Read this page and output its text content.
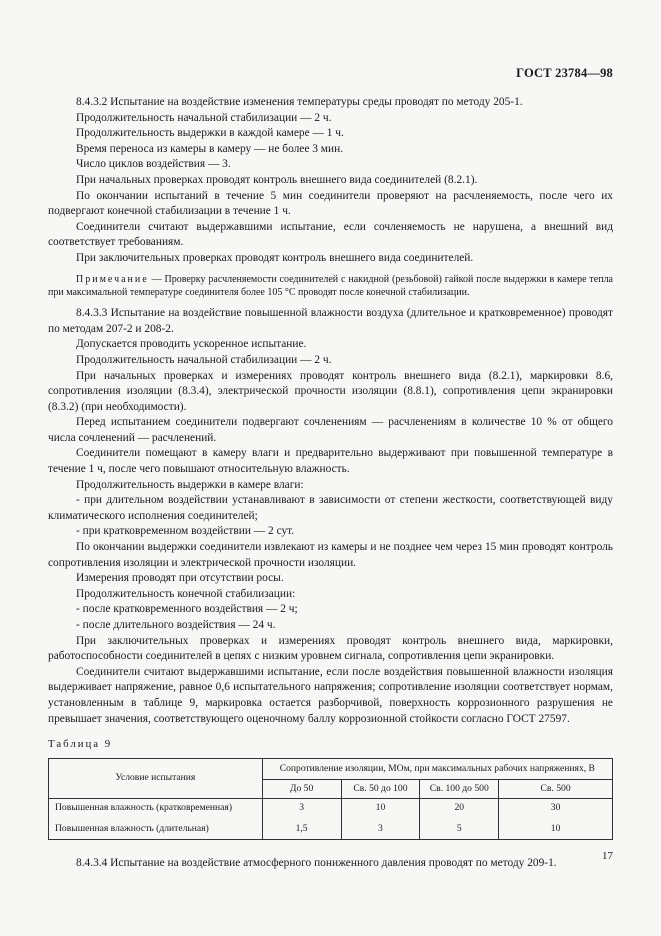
ГОСТ 23784—98

8.4.3.2 Испытание на воздействие изменения температуры среды проводят по методу 205-1.

Продолжительность начальной стабилизации — 2 ч.

Продолжительность выдержки в каждой камере — 1 ч.

Время переноса из камеры в камеру — не более 3 мин.

Число циклов воздействия — 3.

При начальных проверках проводят контроль внешнего вида соединителей (8.2.1).

По окончании испытаний в течение 5 мин соединители проверяют на расчленяемость, после чего их подвергают конечной стабилизации в течение 1 ч.

Соединители считают выдержавшими испытание, если сочленяемость не нарушена, а внешний вид соответствует требованиям.

При заключительных проверках проводят контроль внешнего вида соединителей.

Примечание — Проверку расчленяемости соединителей с накидной (резьбовой) гайкой после выдержки в камере тепла при максимальной температуре соединителя более 105 °С проводят после конечной стабилизации.

8.4.3.3 Испытание на воздействие повышенной влажности воздуха (длительное и кратковременное) проводят по методам 207-2 и 208-2.

Допускается проводить ускоренное испытание.

Продолжительность начальной стабилизации — 2 ч.

При начальных проверках и измерениях проводят контроль внешнего вида (8.2.1), маркировки 8.6, сопротивления изоляции (8.3.4), электрической прочности изоляции (8.8.1), сопротивления цепи экранировки (8.3.2) (при необходимости).

Перед испытанием соединители подвергают сочленениям — расчленениям в количестве 10 % от общего числа сочленений — расчленений.

Соединители помещают в камеру влаги и предварительно выдерживают при повышенной температуре в течение 1 ч, после чего повышают относительную влажность.

Продолжительность выдержки в камере влаги:

- при длительном воздействии устанавливают в зависимости от степени жесткости, соответствующей виду климатического исполнения соединителей;

- при кратковременном воздействии — 2 сут.

По окончании выдержки соединители извлекают из камеры и не позднее чем через 15 мин проводят контроль сопротивления изоляции и электрической прочности изоляции.

Измерения проводят при отсутствии росы.

Продолжительность конечной стабилизации:

- после кратковременного воздействия — 2 ч;

- после длительного воздействия — 24 ч.

При заключительных проверках и измерениях проводят контроль внешнего вида, маркировки, работоспособности соединителей в цепях с низким уровнем сигнала, сопротивления цепи экранировки.

Соединители считают выдержавшими испытание, если после воздействия повышенной влажности изоляция выдерживает напряжение, равное 0,6 испытательного напряжения; сопротивление изоляции соответствует нормам, установленным в таблице 9, маркировка остается разборчивой, поверхность коррозионного разрушения не превышает значения, соответствующего оценочному баллу коррозионной стойкости согласно ГОСТ 27597.

Таблица 9

Условие испытания	Сопротивление изоляции, МОм, при максимальных рабочих напряжениях, В			
	До 50	Св. 50 до 100	Св. 100 до 500	Св. 500
Повышенная влажность (кратковременная)	3	10	20	30
Повышенная влажность (длительная)	1,5	3	5	10

8.4.3.4 Испытание на воздействие атмосферного пониженного давления проводят по методу 209-1.

17
